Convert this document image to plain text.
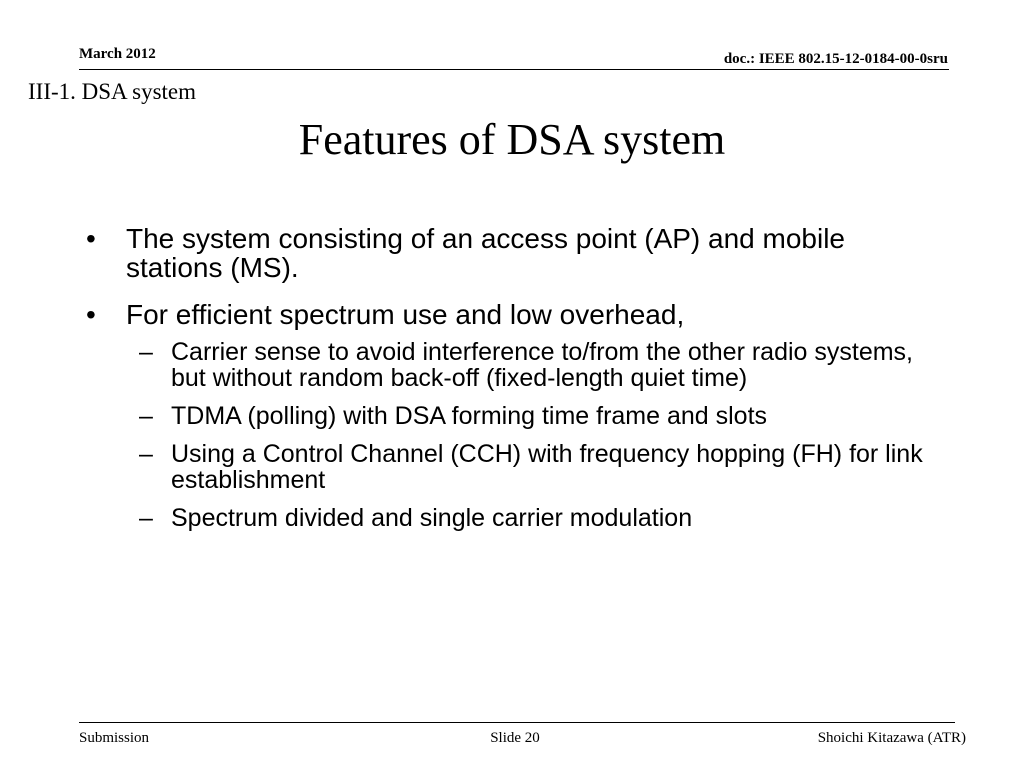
March 2012	doc.: IEEE 802.15-12-0184-00-0sru
III-1. DSA system
Features of DSA system
• The system consisting of an access point (AP) and mobile stations (MS).
• For efficient spectrum use and low overhead,
– Carrier sense to avoid interference to/from the other radio systems, but without random back-off (fixed-length quiet time)
– TDMA (polling) with DSA forming time frame and slots
– Using a Control Channel (CCH) with frequency hopping (FH) for link establishment
– Spectrum divided and single carrier modulation
Submission	Slide 20	Shoichi Kitazawa (ATR)
